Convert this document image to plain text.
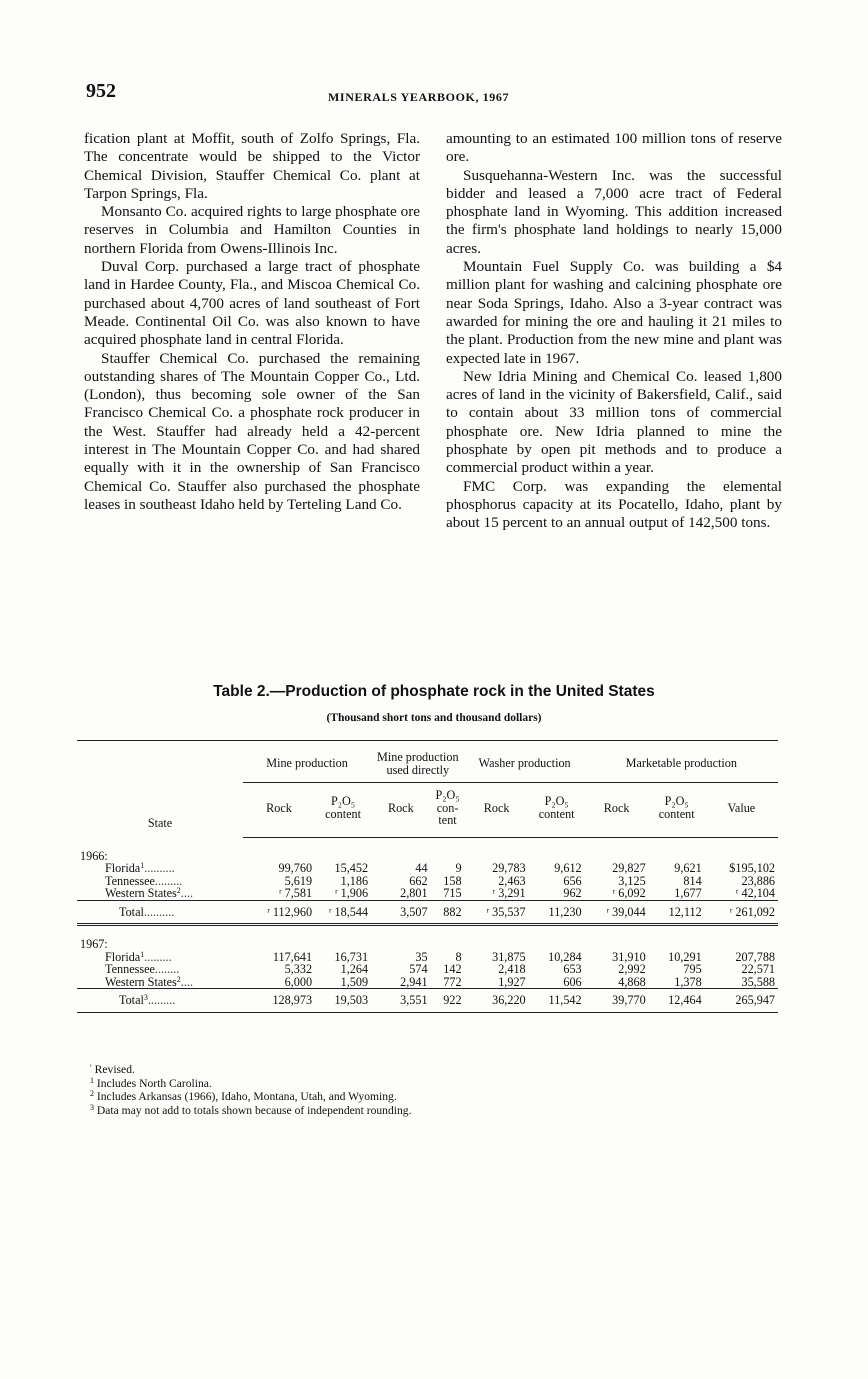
952	MINERALS YEARBOOK, 1967

fication plant at Moffit, south of Zolfo Springs, Fla. The concentrate would be shipped to the Victor Chemical Division, Stauffer Chemical Co. plant at Tarpon Springs, Fla.

Monsanto Co. acquired rights to large phosphate ore reserves in Columbia and Hamilton Counties in northern Florida from Owens-Illinois Inc.

Duval Corp. purchased a large tract of phosphate land in Hardee County, Fla., and Miscoa Chemical Co. purchased about 4,700 acres of land southeast of Fort Meade. Continental Oil Co. was also known to have acquired phosphate land in central Florida.

Stauffer Chemical Co. purchased the remaining outstanding shares of The Mountain Copper Co., Ltd. (London), thus becoming sole owner of the San Francisco Chemical Co. a phosphate rock producer in the West. Stauffer had already held a 42-percent interest in The Mountain Copper Co. and had shared equally with it in the ownership of San Francisco Chemical Co. Stauffer also purchased the phosphate leases in southeast Idaho held by Terteling Land Co.

amounting to an estimated 100 million tons of reserve ore.

Susquehanna-Western Inc. was the successful bidder and leased a 7,000 acre tract of Federal phosphate land in Wyoming. This addition increased the firm's phosphate land holdings to nearly 15,000 acres.

Mountain Fuel Supply Co. was building a $4 million plant for washing and calcining phosphate ore near Soda Springs, Idaho. Also a 3-year contract was awarded for mining the ore and hauling it 21 miles to the plant. Production from the new mine and plant was expected late in 1967.

New Idria Mining and Chemical Co. leased 1,800 acres of land in the vicinity of Bakersfield, Calif., said to contain about 33 million tons of commercial phosphate ore. New Idria planned to mine the phosphate by open pit methods and to produce a commercial product within a year.

FMC Corp. was expanding the elemental phosphorus capacity at its Pocatello, Idaho, plant by about 15 percent to an annual output of 142,500 tons.

Table 2.—Production of phosphate rock in the United States
(Thousand short tons and thousand dollars)
State	Mine production		Mine production used directly		Washer production		Marketable production		
	Rock	P₂O₅ content	Rock	P₂O₅ con- tent	Rock	P₂O₅ content	Rock	P₂O₅ content	Value
1966:									
Florida$^1$..........	99,760	15,452	44	9	29,783	9,612	29,827	9,621	$195,102
Tennessee.........	5,619	1,186	662	158	2,463	656	3,125	814	23,886
Western States$^2$....	ʳ 7,581	ʳ 1,906	2,801	715	ʳ 3,291	962	ʳ 6,092	1,677	ʳ 42,104
Total..........	ʳ 112,960	ʳ 18,544	3,507	882	ʳ 35,537	11,230	ʳ 39,044	12,112	ʳ 261,092
1967:									
Florida$^1$.........	117,641	16,731	35	8	31,875	10,284	31,910	10,291	207,788
Tennessee........	5,332	1,264	574	142	2,418	653	2,992	795	22,571
Western States$^2$....	6,000	1,509	2,941	772	1,927	606	4,868	1,378	35,588
Total$^3$.........	128,973	19,503	3,551	922	36,220	11,542	39,770	12,464	265,947
$^ʳ$ Revised.
$^1$ Includes North Carolina.
$^2$ Includes Arkansas (1966), Idaho, Montana, Utah, and Wyoming.
$^3$ Data may not add to totals shown because of independent rounding.
